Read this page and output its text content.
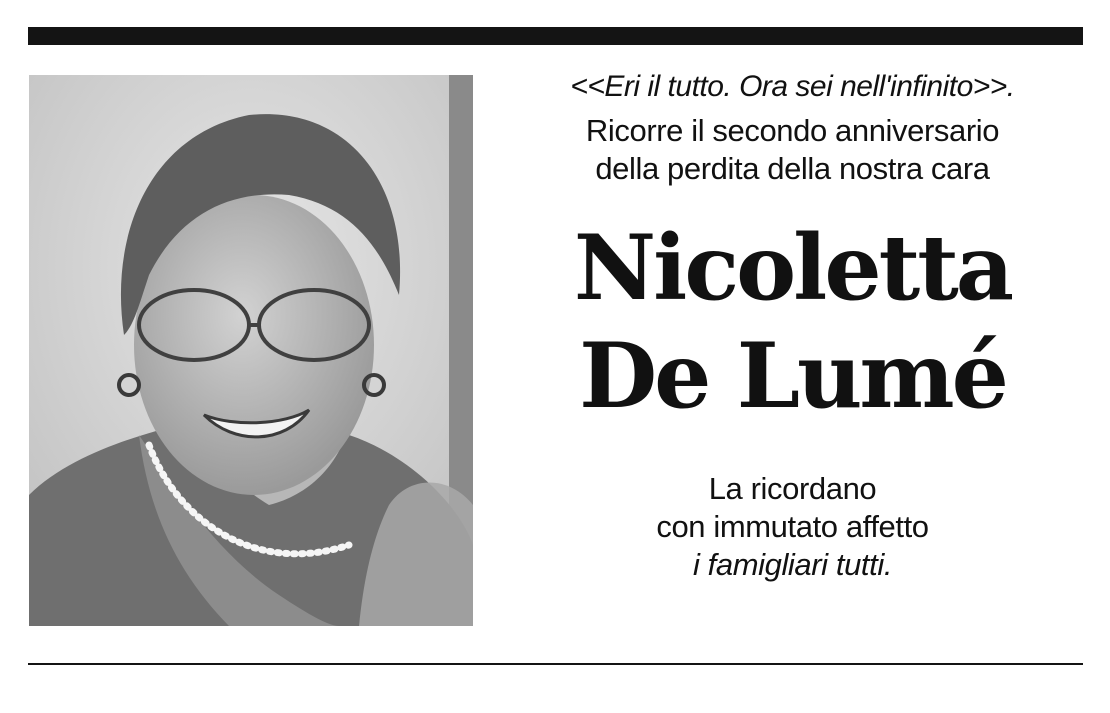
<<Eri il tutto. Ora sei nell'infinito>>.

Ricorre il secondo anniversario

della perdita della nostra cara

Nicoletta
De Lumé

La ricordano

con immutato affetto

i famigliari tutti.
